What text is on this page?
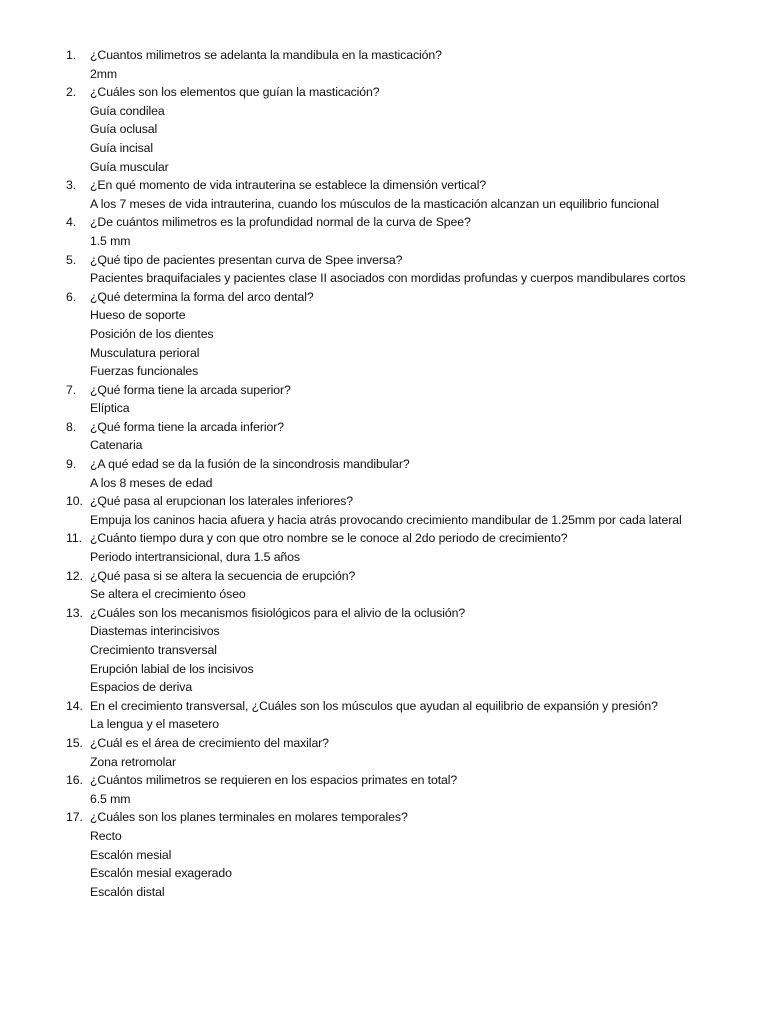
1.	¿Cuantos milimetros se adelanta la mandibula en la masticación?
2mm
2.	¿Cuáles son los elementos que guían la masticación?
Guía condilea
Guía oclusal
Guía incisal
Guía muscular
3.	¿En qué momento de vida intrauterina se establece la dimensión vertical?
A los 7 meses de vida intrauterina, cuando los músculos de la masticación alcanzan un equilibrio funcional
4.	¿De cuántos milimetros es la profundidad normal de la curva de Spee?
1.5 mm
5.	¿Qué tipo de pacientes presentan curva de Spee inversa?
Pacientes braquifaciales y pacientes clase II asociados con mordidas profundas y cuerpos mandibulares cortos
6.	¿Qué determina la forma del arco dental?
Hueso de soporte
Posición de los dientes
Musculatura perioral
Fuerzas funcionales
7.	¿Qué forma tiene la arcada superior?
Elíptica
8.	¿Qué forma tiene la arcada inferior?
Catenaria
9.	¿A qué edad se da la fusión de la sincondrosis mandibular?
A los 8 meses de edad
10. ¿Qué pasa al erupcionan los laterales inferiores?
Empuja los caninos hacia afuera y hacia atrás provocando crecimiento mandibular de 1.25mm por cada lateral
11. ¿Cuánto tiempo dura y con que otro nombre se le conoce al 2do periodo de crecimiento?
Periodo intertransicional, dura 1.5 años
12. ¿Qué pasa si se altera la secuencia de erupción?
Se altera el crecimiento óseo
13. ¿Cuáles son los mecanismos fisiológicos para el alivio de la oclusión?
Diastemas interincisivos
Crecimiento transversal
Erupción labial de los incisivos
Espacios de deriva
14. En el crecimiento transversal, ¿Cuáles son los músculos que ayudan al equilibrio de expansión y presión?
La lengua y el masetero
15. ¿Cuál es el área de crecimiento del maxilar?
Zona retromolar
16. ¿Cuántos milimetros se requieren en los espacios primates en total?
6.5 mm
17. ¿Cuáles son los planes terminales en molares temporales?
Recto
Escalón mesial
Escalón mesial exagerado
Escalón distal
